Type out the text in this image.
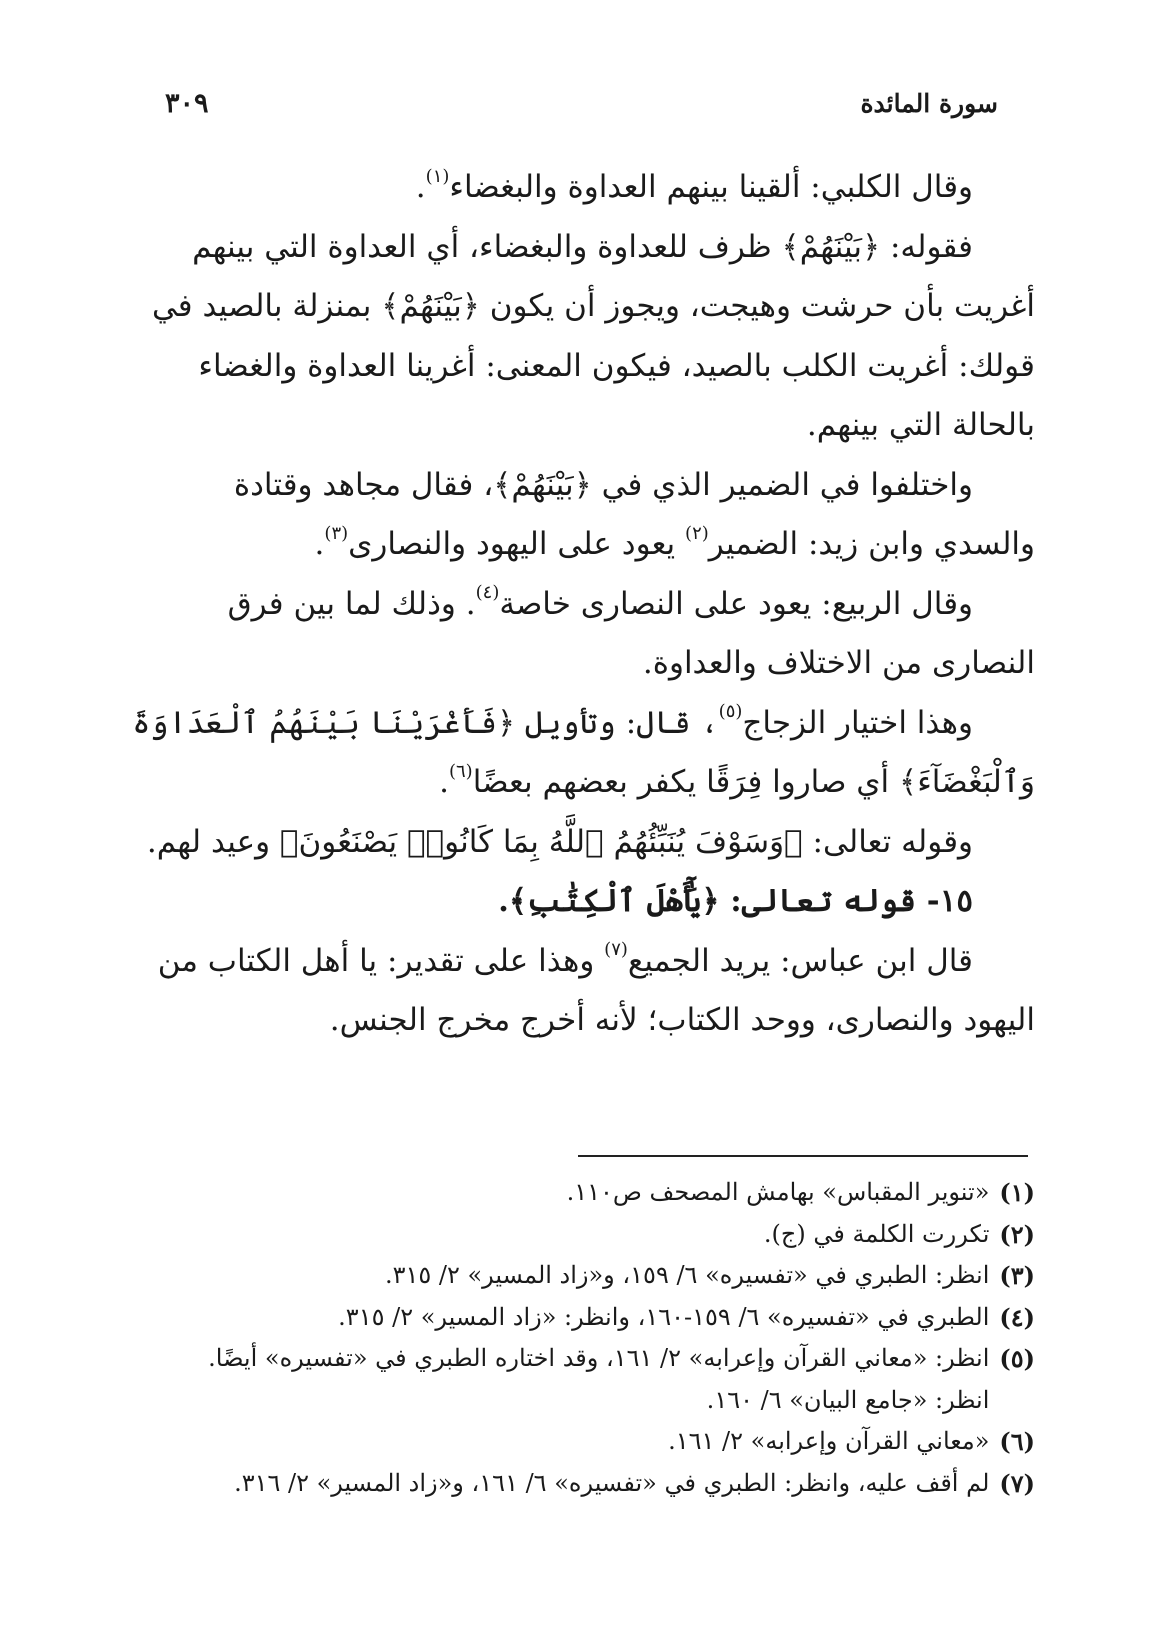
سورة المائدة
٣٠٩

وقال الكلبي: ألقينا بينهم العداوة والبغضاء$^{(١)}$.

فقوله: ﴿بَيْنَهُمْ﴾ ظرف للعداوة والبغضاء، أي العداوة التي بينهم
أغريت بأن حرشت وهيجت، ويجوز أن يكون ﴿بَيْنَهُمْ﴾ بمنزلة بالصيد في
قولك: أغريت الكلب بالصيد، فيكون المعنى: أغرينا العداوة والغضاء
بالحالة التي بينهم.

واختلفوا في الضمير الذي في ﴿بَيْنَهُمْ﴾، فقال مجاهد وقتادة
والسدي وابن زيد: الضمير$^{(٢)}$ يعود على اليهود والنصارى$^{(٣)}$.

وقال الربيع: يعود على النصارى خاصة$^{(٤)}$. وذلك لما بين فرق
النصارى من الاختلاف والعداوة.

وهذا اختيار الزجاج$^{(٥)}$، قال: وتأويل ﴿فَأَغْرَيْنَا بَيْنَهُمُ ٱلْعَدَاوَةَ
وَٱلْبَغْضَآءَ﴾ أي صاروا فِرَقًا يكفر بعضهم بعضًا$^{(٦)}$.

وقوله تعالى: ﴿وَسَوْفَ يُنَبِّئُهُمُ ٱللَّهُ بِمَا كَانُوا۟ يَصْنَعُونَ﴾ وعيد لهم.

١٥- قوله تعالى: ﴿يَٰٓأَهْلَ ٱلْكِتَٰبِ﴾.

قال ابن عباس: يريد الجميع$^{(٧)}$ وهذا على تقدير: يا أهل الكتاب من
اليهود والنصارى، ووحد الكتاب؛ لأنه أخرج مخرج الجنس.

(١)
«تنوير المقباس» بهامش المصحف ص١١٠.
(٢)
تكررت الكلمة في (ج).
(٣)
انظر: الطبري في «تفسيره» ٦/ ١٥٩، و«زاد المسير» ٢/ ٣١٥.
(٤)
الطبري في «تفسيره» ٦/ ١٥٩-١٦٠، وانظر: «زاد المسير» ٢/ ٣١٥.
(٥)
انظر: «معاني القرآن وإعرابه» ٢/ ١٦١، وقد اختاره الطبري في «تفسيره» أيضًا.
انظر: «جامع البيان» ٦/ ١٦٠.
(٦)
«معاني القرآن وإعرابه» ٢/ ١٦١.
(٧)
لم أقف عليه، وانظر: الطبري في «تفسيره» ٦/ ١٦١، و«زاد المسير» ٢/ ٣١٦.
